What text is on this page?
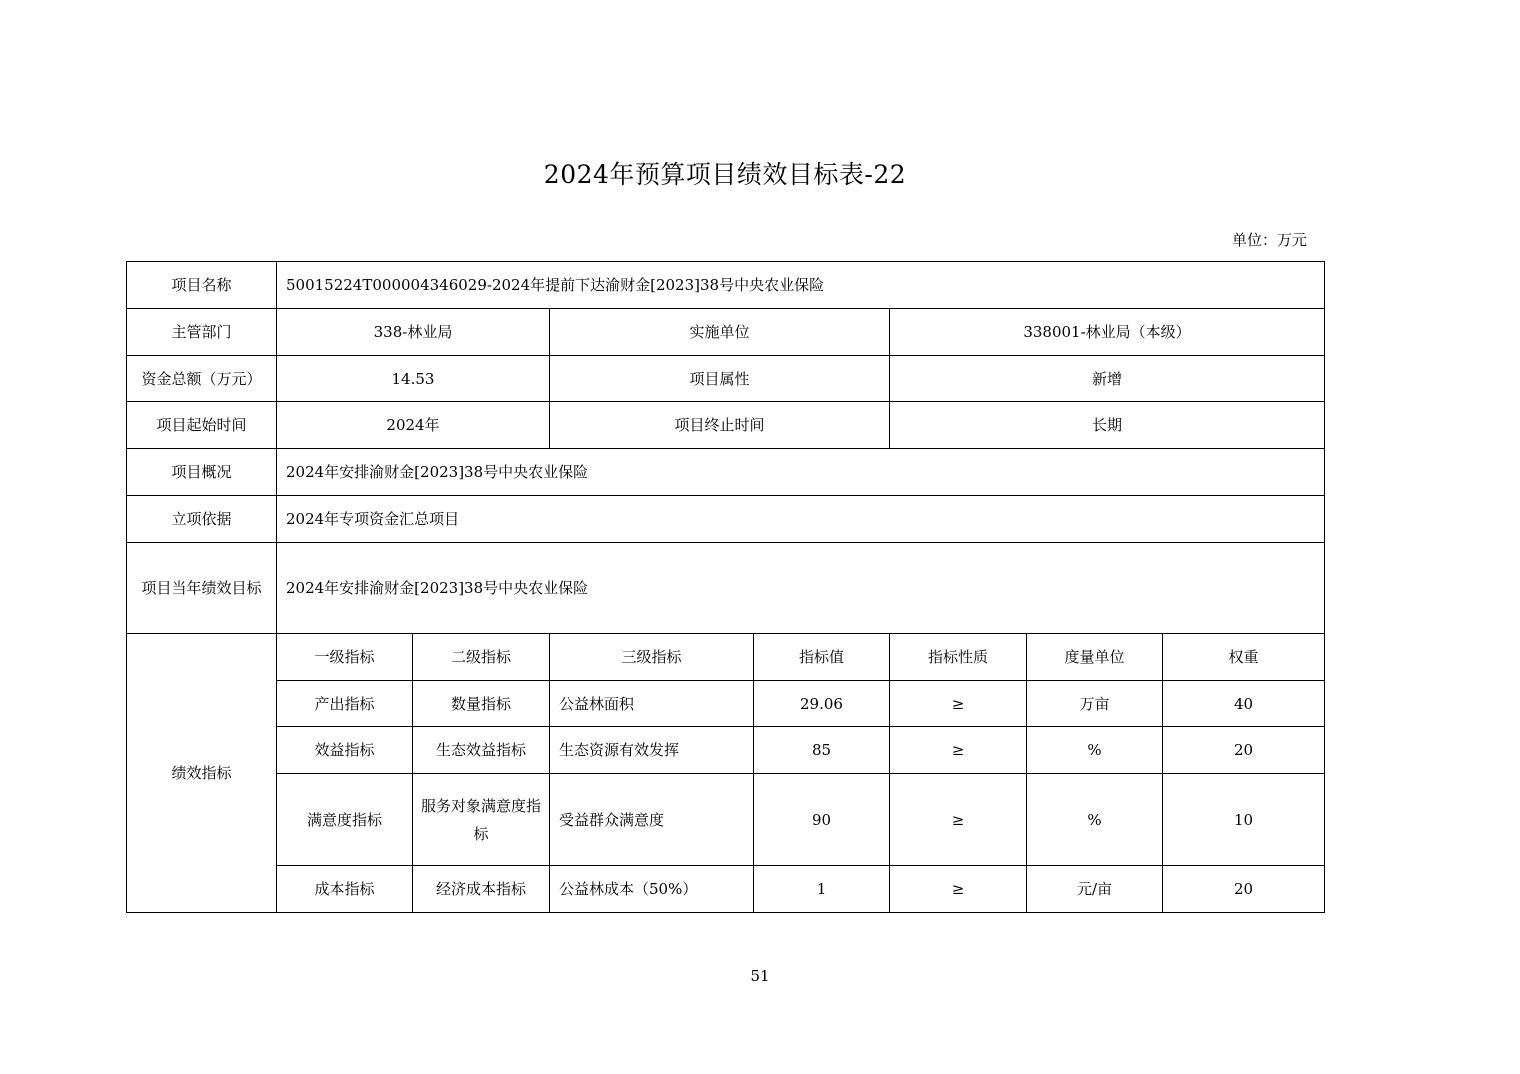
2024年预算项目绩效目标表-22
单位：万元
项目名称	50015224T000004346029-2024年提前下达渝财金[2023]38号中央农业保险						
主管部门	338-林业局		实施单位		338001-林业局（本级）		
资金总额（万元）	14.53		项目属性		新增		
项目起始时间	2024年		项目终止时间		长期		
项目概况	2024年安排渝财金[2023]38号中央农业保险						
立项依据	2024年专项资金汇总项目						
项目当年绩效目标	2024年安排渝财金[2023]38号中央农业保险						
绩效指标	一级指标	二级指标	三级指标	指标值	指标性质	度量单位	权重
	产出指标	数量指标	公益林面积	29.06	≥	万亩	40
	效益指标	生态效益指标	生态资源有效发挥	85	≥	%	20
	满意度指标	服务对象满意度指标	受益群众满意度	90	≥	%	10
	成本指标	经济成本指标	公益林成本（50%）	1	≥	元/亩	20
51
